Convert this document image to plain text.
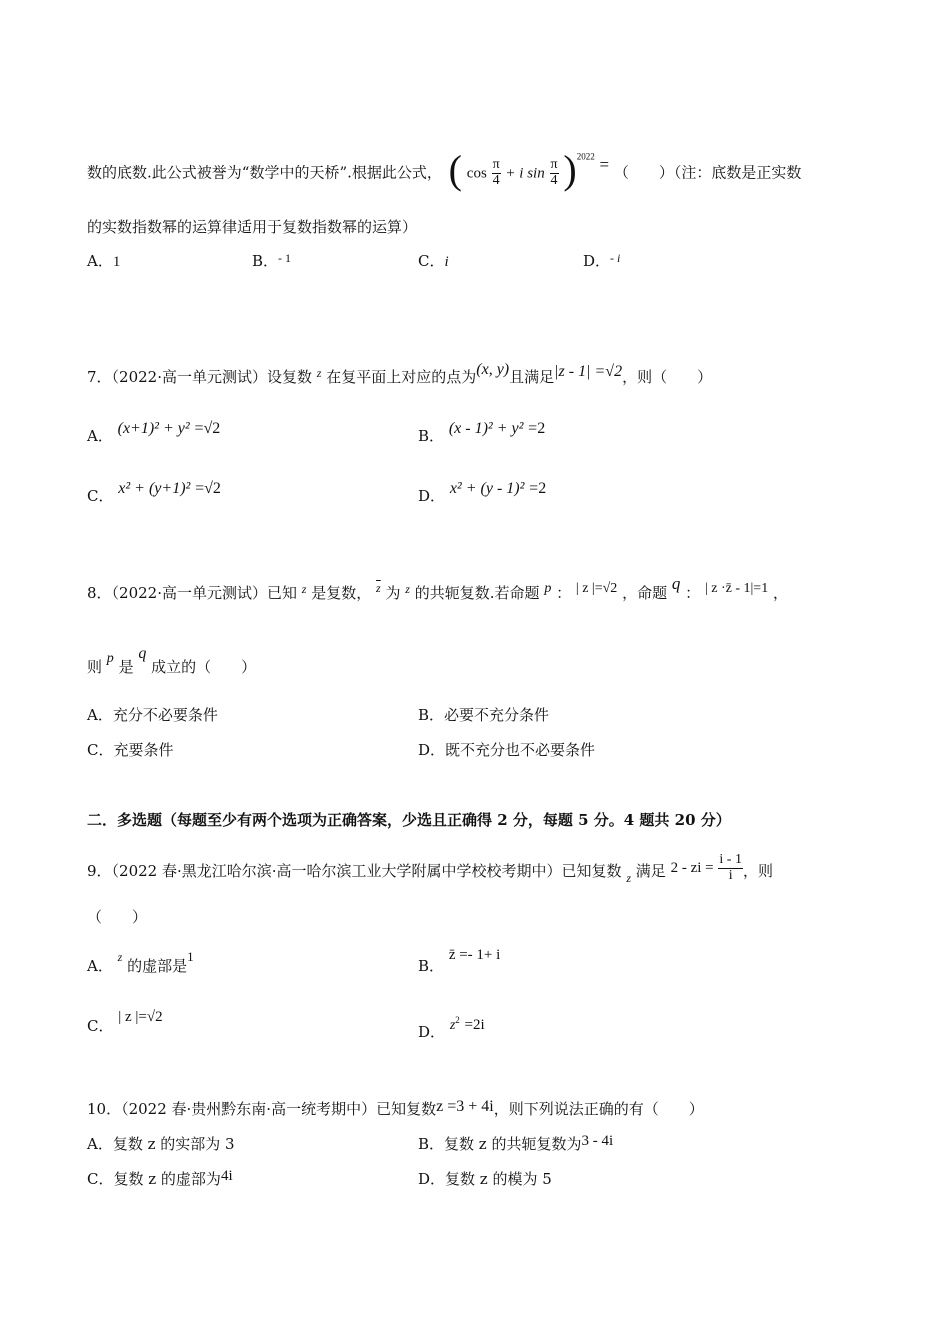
数的底数.此公式被誉为“数学中的天桥”.根据此公式， ( $\cos \frac{\pi}{4} + i$ $\sin \frac{\pi}{4} )^{2022}$ = （　　）（注：底数是正实数
的实数指数幂的运算律适用于复数指数幂的运算）
A．1	B．$^{- 1}$	C．i	D．$^{- i}$
7．（2022·高一单元测试）设复数 $^z$ 在复平面上对应的点为(x, y)且满足|z - 1| =√2，则（　　）
A． (x+1)² + y² =√2	B． (x - 1)² + y² =2
C． x² + (y+1)² =√2	D． x² + (y - 1)² =2
8．（2022·高一单元测试）已知 $^z$ 是复数， $^{\overline{z}}$ 为 $^z$ 的共轭复数.若命题 p ： | z |=√2 ，命题 q ： | z ·z̄ - 1|=1 ，
则 p 是 q 成立的（　　）
A．充分不必要条件	B．必要不充分条件
C．充要条件	D．既不充分也不必要条件
二．多选题（每题至少有两个选项为正确答案，少选且正确得 2 分，每题 5 分。4 题共 20 分）
9．（2022 春·黑龙江哈尔滨·高一哈尔滨工业大学附属中学校校考期中）已知复数 $_z$ 满足 2 - zi = $\frac{i - 1}{i}$ ，则
（　　）
A． $^z$ 的虚部是1
B． z̄ =- 1+ i
C． | z |=√2
D． $z^2 =2i$
10．（2022 春·贵州黔东南·高一统考期中）已知复数z =3 + 4i，则下列说法正确的有（　　）
A．复数 z 的实部为 3	B．复数 z 的共轭复数为3 - 4i
C．复数 z 的虚部为4i	D．复数 z 的模为 5
